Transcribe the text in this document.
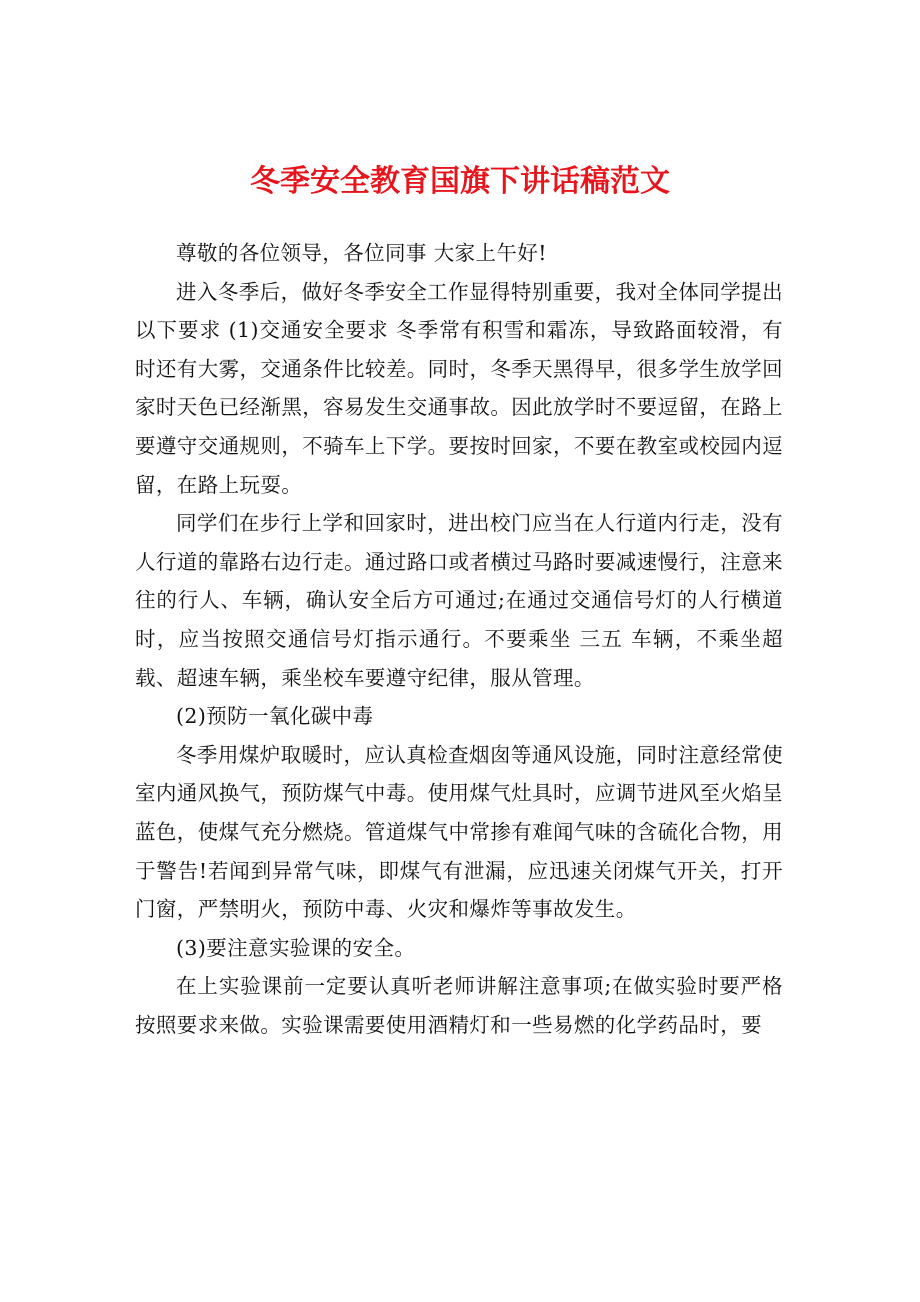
冬季安全教育国旗下讲话稿范文

尊敬的各位领导，各位同事 大家上午好!

进入冬季后，做好冬季安全工作显得特别重要，我对全体同学提出以下要求 (1)交通安全要求 冬季常有积雪和霜冻，导致路面较滑，有时还有大雾，交通条件比较差。同时，冬季天黑得早，很多学生放学回家时天色已经渐黑，容易发生交通事故。因此放学时不要逗留，在路上要遵守交通规则，不骑车上下学。要按时回家，不要在教室或校园内逗留，在路上玩耍。

同学们在步行上学和回家时，进出校门应当在人行道内行走，没有人行道的靠路右边行走。通过路口或者横过马路时要减速慢行，注意来往的行人、车辆，确认安全后方可通过;在通过交通信号灯的人行横道时，应当按照交通信号灯指示通行。不要乘坐 三五 车辆，不乘坐超载、超速车辆，乘坐校车要遵守纪律，服从管理。

(2)预防一氧化碳中毒

冬季用煤炉取暖时，应认真检查烟囱等通风设施，同时注意经常使室内通风换气，预防煤气中毒。使用煤气灶具时，应调节进风至火焰呈蓝色，使煤气充分燃烧。管道煤气中常掺有难闻气味的含硫化合物，用于警告!若闻到异常气味，即煤气有泄漏，应迅速关闭煤气开关，打开门窗，严禁明火，预防中毒、火灾和爆炸等事故发生。

(3)要注意实验课的安全。

在上实验课前一定要认真听老师讲解注意事项;在做实验时要严格按照要求来做。实验课需要使用酒精灯和一些易燃的化学药品时，要
